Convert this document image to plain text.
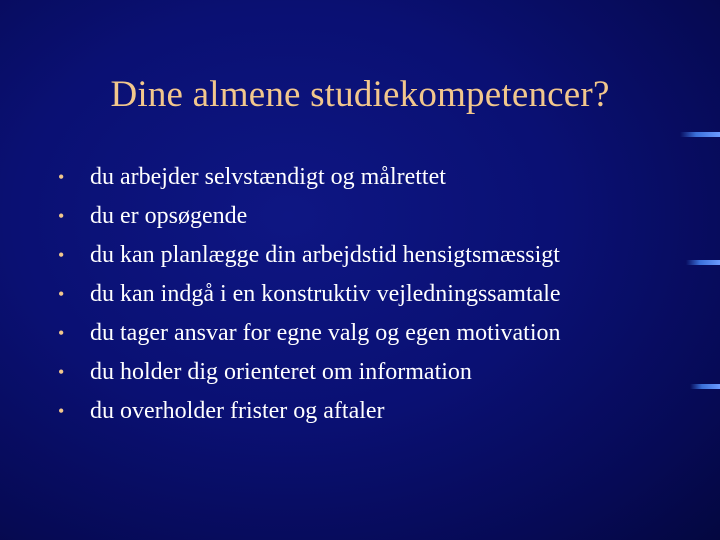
Dine almene studiekompetencer?
•	du arbejder selvstændigt og målrettet
•	du er opsøgende
•	du kan planlægge din arbejdstid hensigtsmæssigt
•	du kan indgå i en konstruktiv vejledningssamtale
•	du tager ansvar for egne valg og egen motivation
•	du holder dig orienteret om information
•	du overholder frister og aftaler
